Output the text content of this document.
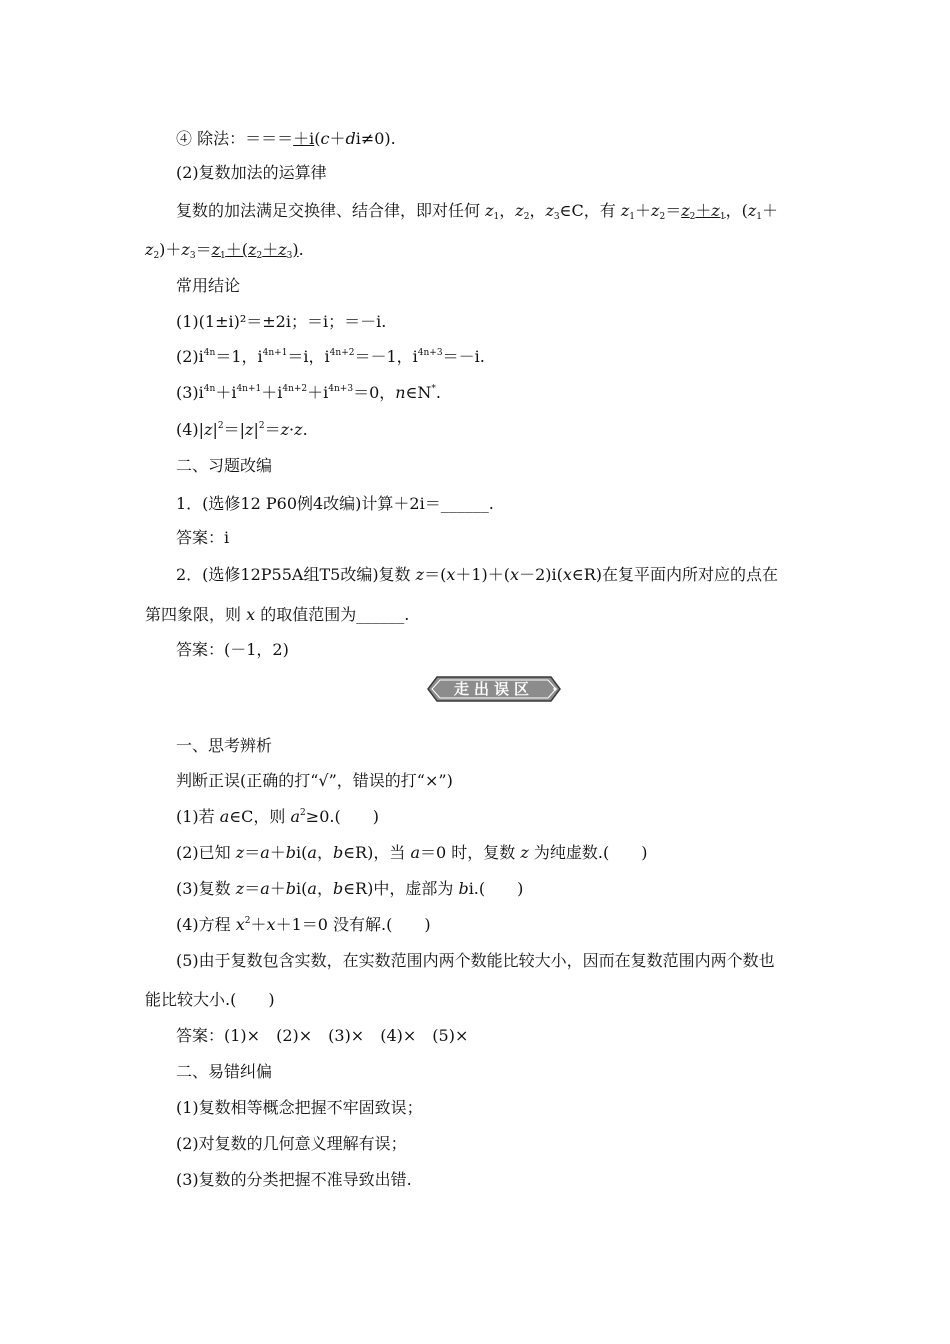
④ 除法：＝＝＝＋i(c＋di≠0).
(2)复数加法的运算律
复数的加法满足交换律、结合律，即对任何 $z_1$，$z_2$，$z_3\in C$，有 $z_1+z_2=z_2+z_1$，($z_1+$
$z_2)+z_3=z_1+(z_2+z_3)$.
常用结论
(1)(1±i)²＝±2i；＝i；＝－i.
$(2)i^{4n}=1$，$i^{4n+1}=i$，$i^{4n+2}=-1$，$i^{4n+3}=-i$.
$(3)i^{4n}+i^{4n+1}+i^{4n+2}+i^{4n+3}=0$，n∈N*.
$(4)|z|^2=|z|^2=z\cdot z$.
二、习题改编
1．(选修12 P60例4改编)计算＋2i＝______.
答案：i
2．(选修12P55A组T5改编)复数 z＝(x＋1)＋(x－2)i(x∈R)在复平面内所对应的点在
第四象限，则 x 的取值范围为______.
答案：(－1，2)
走出误区
一、思考辨析
判断正误(正确的打“√”，错误的打“×”)
(1)若 a∈C，则 $a^2\ge 0$.(　　)
(2)已知 z＝a＋bi(a，b∈R)，当 a＝0 时，复数 z 为纯虚数.(　　)
(3)复数 z＝a＋bi(a，b∈R)中，虚部为 bi.(　　)
(4)方程 $x^2+x+1=0$ 没有解.(　　)
(5)由于复数包含实数，在实数范围内两个数能比较大小，因而在复数范围内两个数也
能比较大小.(　　)
答案：(1)×　(2)×　(3)×　(4)×　(5)×
二、易错纠偏
(1)复数相等概念把握不牢固致误；
(2)对复数的几何意义理解有误；
(3)复数的分类把握不准导致出错.
